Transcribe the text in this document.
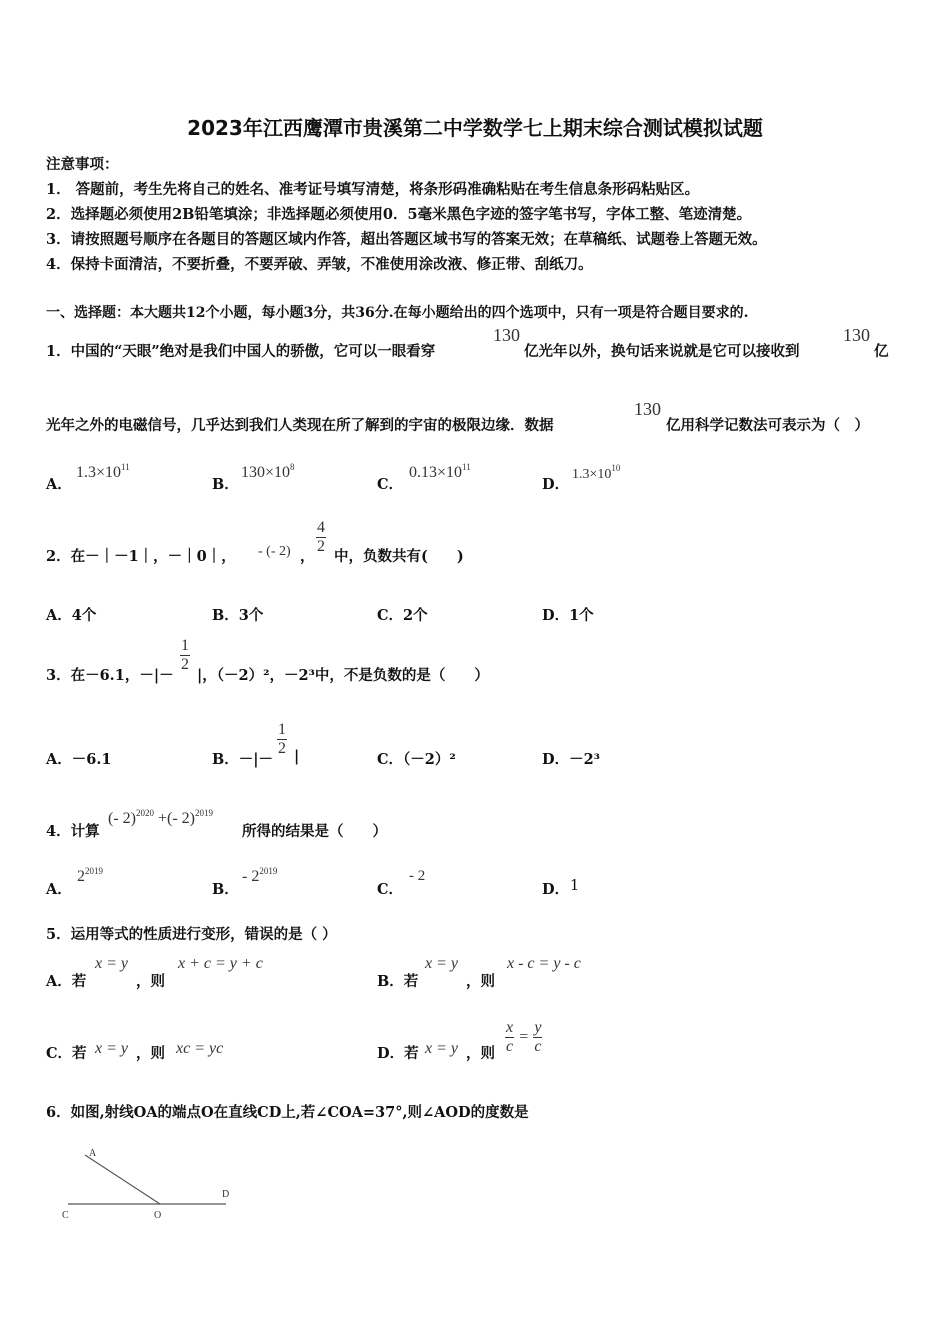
2023年江西鹰潭市贵溪第二中学数学七上期末综合测试模拟试题
注意事项：
1． 答题前，考生先将自己的姓名、准考证号填写清楚，将条形码准确粘贴在考生信息条形码粘贴区。
2．选择题必须使用2B铅笔填涂；非选择题必须使用0．5毫米黑色字迹的签字笔书写，字体工整、笔迹清楚。
3．请按照题号顺序在各题目的答题区域内作答，超出答题区域书写的答案无效；在草稿纸、试题卷上答题无效。
4．保持卡面清洁，不要折叠，不要弄破、弄皱，不准使用涂改液、修正带、刮纸刀。
一、选择题：本大题共12个小题，每小题3分，共36分.在每小题给出的四个选项中，只有一项是符合题目要求的.
1．中国的“天眼”绝对是我们中国人的骄傲，它可以一眼看穿
130
亿光年以外，换句话来说就是它可以接收到
130
亿
光年之外的电磁信号，几乎达到我们人类现在所了解到的宇宙的极限边缘．数据
130
亿用科学记数法可表示为（　）
A．
$1.3\times 10^{11}$
B．
$130\times 10^8$
C．
$0.13\times 10^{11}$
D．
$1.3\times 10^{10}$
2．在－｜－1｜，－｜0｜， - (- 2) ，
$\frac{4}{2}$
中，负数共有(　　)
A．4个	B．3个	C．2个	D．1个
3．在－6.1，－|－
$\frac{1}{2}$
|，（－2）²，－2³中，不是负数的是（　　）
A．－6.1	B．－|－
$\frac{1}{2}$ |	C．（－2）²	D．－2³
4．计算
(- 2)$^{2020}$ +(- 2)$^{2019}$
所得的结果是（　　）
A．
$2^{2019}$
B．
- $2^{2019}$
C．
- 2
D． 1
5．运用等式的性质进行变形，错误的是（ ）
A．若
x = y
，则
x + c = y + c
B．若
x = y
，则
x - c = y - c
C．若 x = y ，则 xc = yc	D．若 x = y ，则 $\frac{x}{c} = \frac{y}{c}$
6．如图,射线OA的端点O在直线CD上,若∠COA=37°,则∠AOD的度数是
A
C	O
D
